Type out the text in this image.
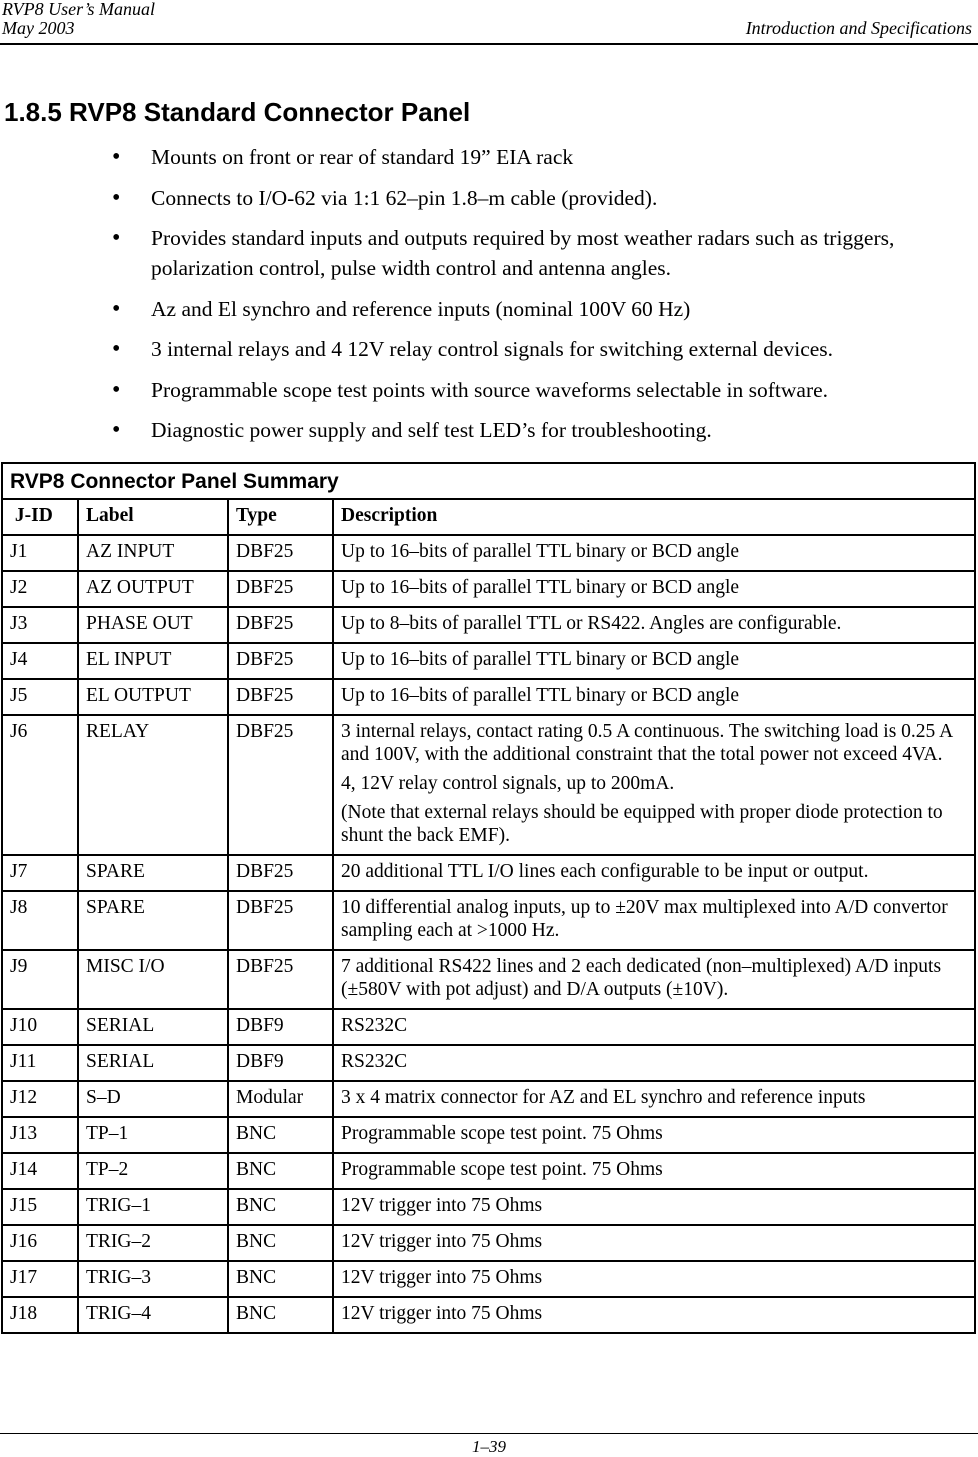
RVP8 User’s Manual
May 2003	Introduction and Specifications
1.8.5 RVP8 Standard Connector Panel
• Mounts on front or rear of standard 19” EIA rack
• Connects to I/O-62 via 1:1 62–pin 1.8–m cable (provided).
• Provides standard inputs and outputs required by most weather radars such as triggers, polarization control, pulse width control and antenna angles.
• Az and El synchro and reference inputs (nominal 100V 60 Hz)
• 3 internal relays and 4 12V relay control signals for switching external devices.
• Programmable scope test points with source waveforms selectable in software.
• Diagnostic power supply and self test LED’s for troubleshooting.
RVP8 Connector Panel Summary			
J-ID	Label	Type	Description
J1	AZ INPUT	DBF25	Up to 16–bits of parallel TTL binary or BCD angle

J2	AZ OUTPUT	DBF25	Up to 16–bits of parallel TTL binary or BCD angle

J3	PHASE OUT	DBF25	Up to 8–bits of parallel TTL or RS422. Angles are configurable.

J4	EL INPUT	DBF25	Up to 16–bits of parallel TTL binary or BCD angle

J5	EL OUTPUT	DBF25	Up to 16–bits of parallel TTL binary or BCD angle

J6	RELAY	DBF25	3 internal relays, contact rating 0.5 A continuous. The switching load is 0.25 A and 100V, with the additional constraint that the total power not exceed 4VA.
4, 12V relay control signals, up to 200mA.
(Note that external relays should be equipped with proper diode protection to shunt the back EMF).

J7	SPARE	DBF25	20 additional TTL I/O lines each configurable to be input or output.

J8	SPARE	DBF25	10 differential analog inputs, up to ±20V max multiplexed into A/D convertor sampling each at >1000 Hz.

J9	MISC I/O	DBF25	7 additional RS422 lines and 2 each dedicated (non–multiplexed) A/D inputs (±580V with pot adjust) and D/A outputs (±10V).

J10	SERIAL	DBF9	RS232C

J11	SERIAL	DBF9	RS232C

J12	S–D	Modular	3 x 4 matrix connector for AZ and EL synchro and reference inputs

J13	TP–1	BNC	Programmable scope test point. 75 Ohms

J14	TP–2	BNC	Programmable scope test point. 75 Ohms

J15	TRIG–1	BNC	12V trigger into 75 Ohms

J16	TRIG–2	BNC	12V trigger into 75 Ohms

J17	TRIG–3	BNC	12V trigger into 75 Ohms

J18	TRIG–4	BNC	12V trigger into 75 Ohms
1–39
